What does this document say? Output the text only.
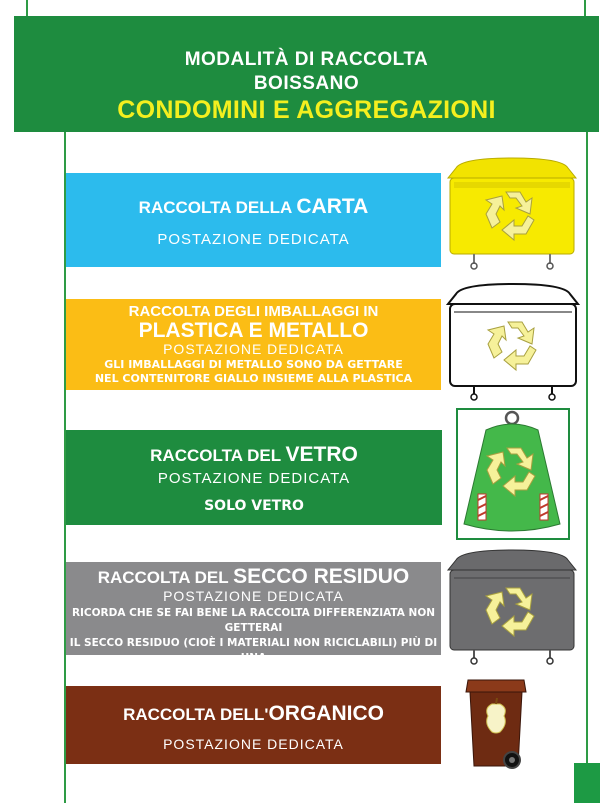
MODALITÀ DI RACCOLTA
BOISSANO
CONDOMINI E AGGREGAZIONI
RACCOLTA DELLA CARTA
POSTAZIONE DEDICATA
RACCOLTA DEGLI IMBALLAGGI IN
PLASTICA E METALLO
POSTAZIONE DEDICATA
GLI IMBALLAGGI DI METALLO SONO DA GETTARE
NEL CONTENITORE GIALLO INSIEME ALLA PLASTICA
RACCOLTA DEL VETRO
POSTAZIONE DEDICATA
SOLO VETRO
RACCOLTA DEL SECCO RESIDUO
POSTAZIONE DEDICATA
RICORDA CHE SE FAI BENE LA RACCOLTA DIFFERENZIATA NON GETTERAI
IL SECCO RESIDUO (CIOÈ I MATERIALI NON RICICLABILI) PIÙ DI UNA
VOLTA O DUE AL MESE, AL MASSIMO UNA VOLTA A SETTIMANA!
RACCOLTA DELL'ORGANICO
POSTAZIONE DEDICATA
